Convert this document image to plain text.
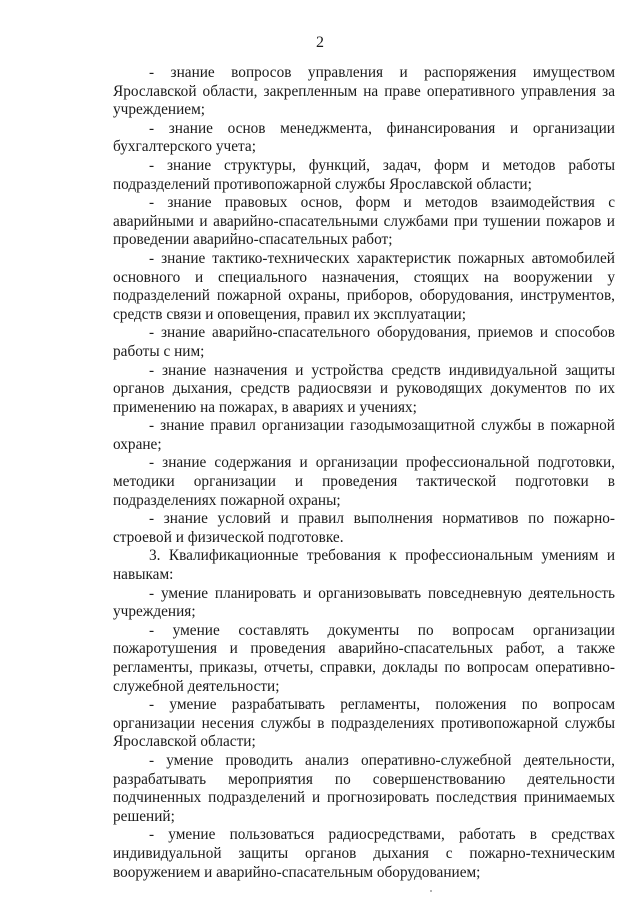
2

- знание вопросов управления и распоряжения имуществом Ярославской области, закрепленным на праве оперативного управления за учреждением;

- знание основ менеджмента, финансирования и организации бухгалтерского учета;

- знание структуры, функций, задач, форм и методов работы подразделений противопожарной службы Ярославской области;

- знание правовых основ, форм и методов взаимодействия с аварийными и аварийно-спасательными службами при тушении пожаров и проведении аварийно-спасательных работ;

- знание тактико-технических характеристик пожарных автомобилей основного и специального назначения, стоящих на вооружении у подразделений пожарной охраны, приборов, оборудования, инструментов, средств связи и оповещения, правил их эксплуатации;

- знание аварийно-спасательного оборудования, приемов и способов работы с ним;

- знание назначения и устройства средств индивидуальной защиты органов дыхания, средств радиосвязи и руководящих документов по их применению на пожарах, в авариях и учениях;

- знание правил организации газодымозащитной службы в пожарной охране;

- знание содержания и организации профессиональной подготовки, методики организации и проведения тактической подготовки в подразделениях пожарной охраны;

- знание условий и правил выполнения нормативов по пожарно-строевой и физической подготовке.

3. Квалификационные требования к профессиональным умениям и навыкам:

- умение планировать и организовывать повседневную деятельность учреждения;

- умение составлять документы по вопросам организации пожаротушения и проведения аварийно-спасательных работ, а также регламенты, приказы, отчеты, справки, доклады по вопросам оперативно-служебной деятельности;

- умение разрабатывать регламенты, положения по вопросам организации несения службы в подразделениях противопожарной службы Ярославской области;

- умение проводить анализ оперативно-служебной деятельности, разрабатывать мероприятия по совершенствованию деятельности подчиненных подразделений и прогнозировать последствия принимаемых решений;

- умение пользоваться радиосредствами, работать в средствах индивидуальной защиты органов дыхания с пожарно-техническим вооружением и аварийно-спасательным оборудованием;
